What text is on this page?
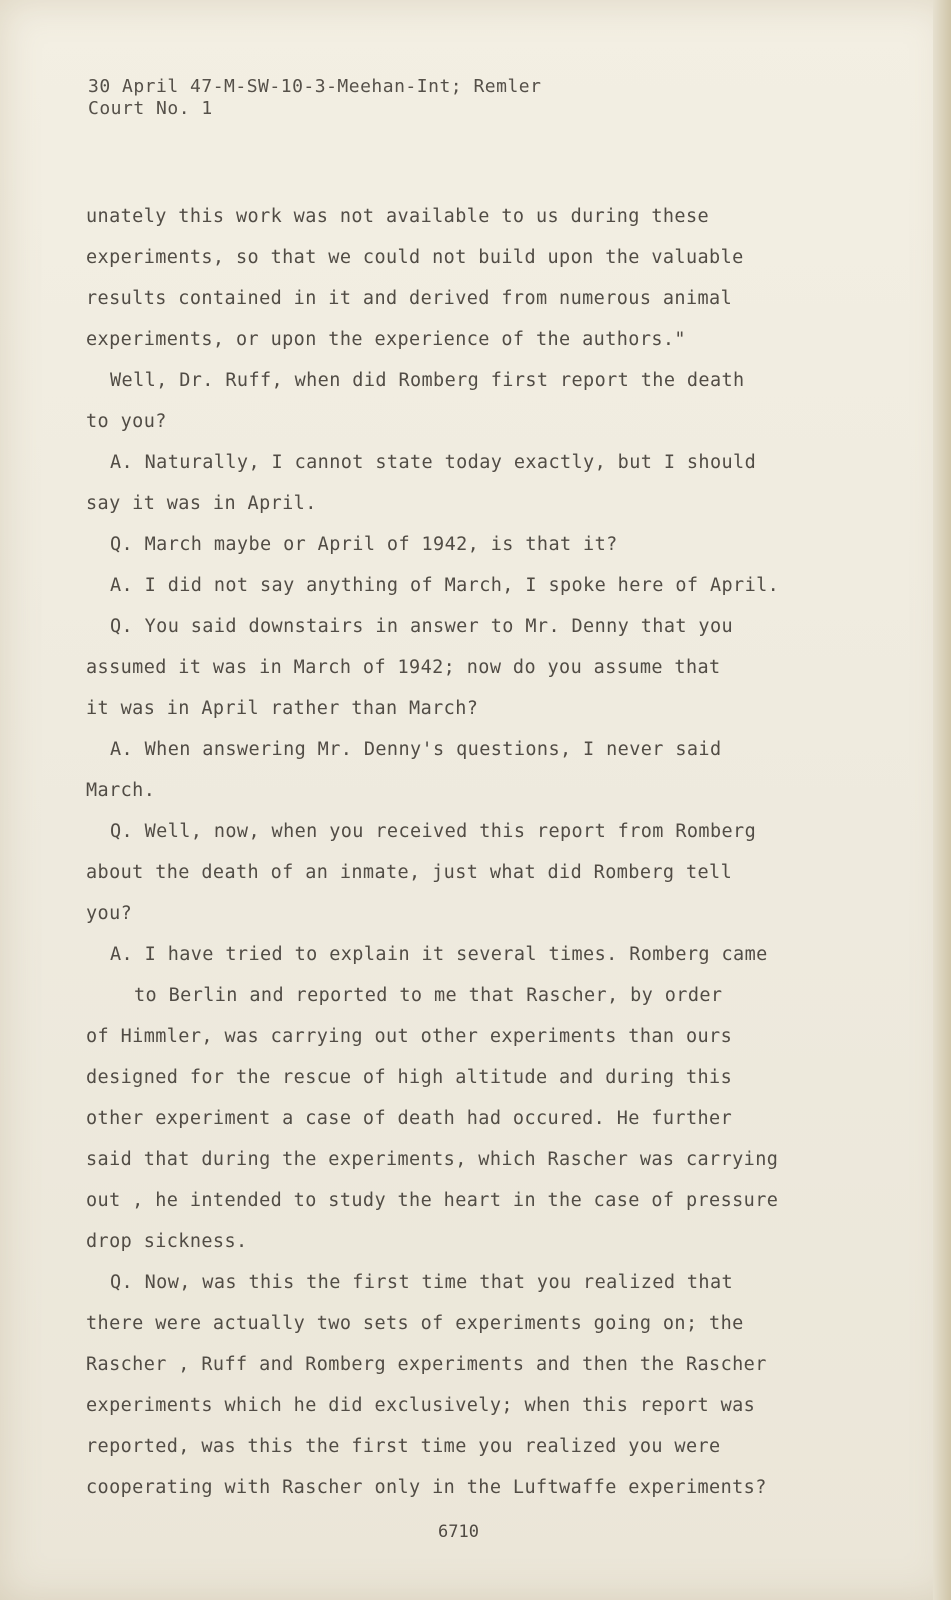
30 April 47-M-SW-10-3-Meehan-Int; Remler
Court No. 1
unately this work was not available to us during these
experiments, so that we could not build upon the valuable
results contained in it and derived from numerous animal
experiments, or upon the experience of the authors."
Well, Dr. Ruff, when did Romberg first report the death
to you?
A. Naturally, I cannot state today exactly, but I should
say it was in April.
Q. March maybe or April of 1942, is that it?
A. I did not say anything of March, I spoke here of April.
Q. You said downstairs in answer to Mr. Denny that you
assumed it was in March of 1942; now do you assume that
it was in April rather than March?
A. When answering Mr. Denny's questions, I never said
March.
Q. Well, now, when you received this report from Romberg
about the death of an inmate, just what did Romberg tell
you?
A. I have tried to explain it several times. Romberg came
to Berlin and reported to me that Rascher, by order
of Himmler, was carrying out other experiments than ours
designed for the rescue of high altitude and during this
other experiment a case of death had occured. He further
said that during the experiments, which Rascher was carrying
out , he intended to study the heart in the case of pressure
drop sickness.
Q. Now, was this the first time that you realized that
there were actually two sets of experiments going on; the
Rascher , Ruff and Romberg experiments and then the Rascher
experiments which he did exclusively; when this report was
reported, was this the first time you realized you were
cooperating with Rascher only in the Luftwaffe experiments?
6710
